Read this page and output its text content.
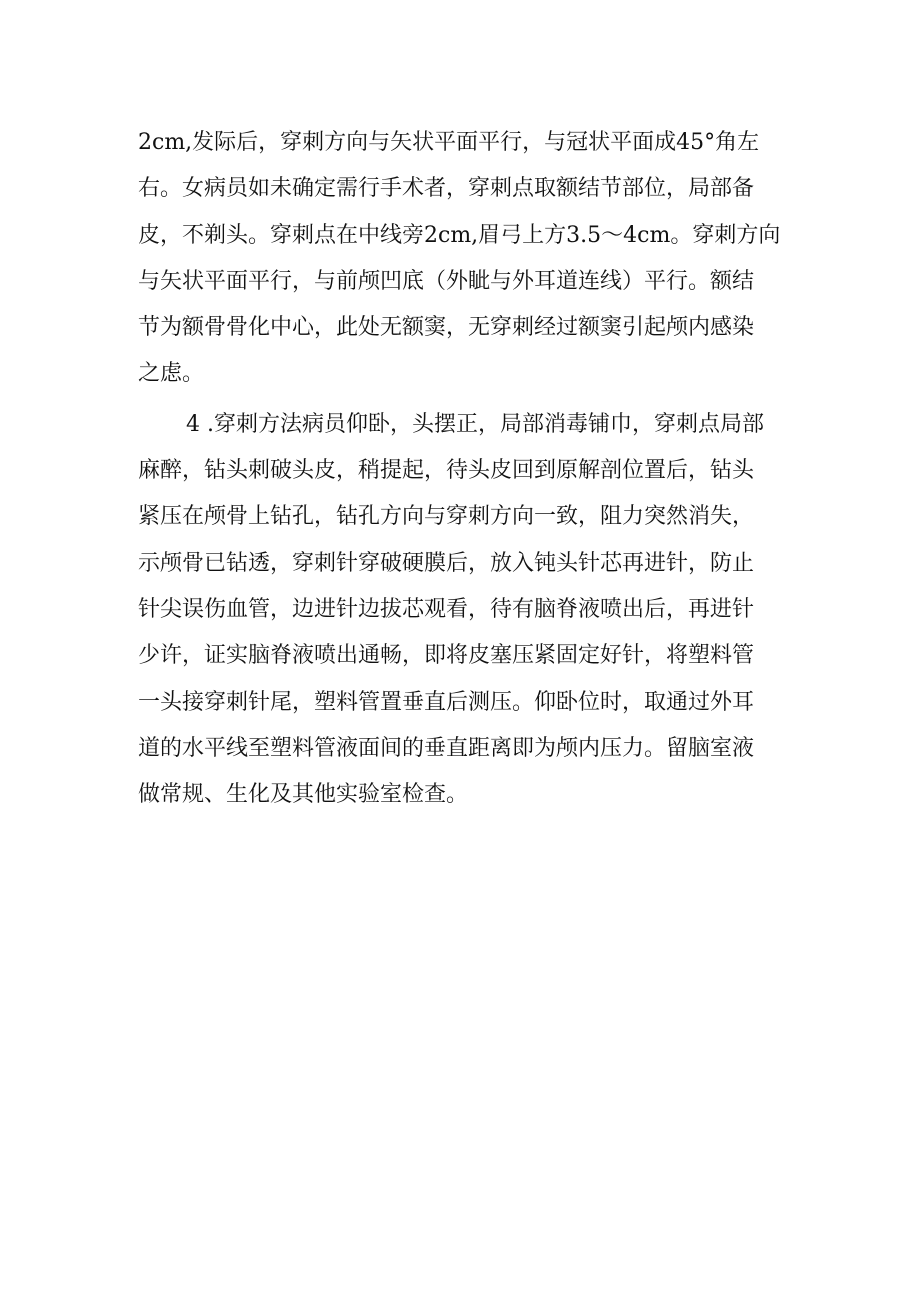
2cm,发际后，穿刺方向与矢状平面平行，与冠状平面成45°角左
右。女病员如未确定需行手术者，穿刺点取额结节部位，局部备
皮，不剃头。穿刺点在中线旁2cm,眉弓上方3.5～4cm。穿刺方向
与矢状平面平行，与前颅凹底（外眦与外耳道连线）平行。额结
节为额骨骨化中心，此处无额窦，无穿刺经过额窦引起颅内感染
之虑。
4 .穿刺方法病员仰卧，头摆正，局部消毒铺巾，穿刺点局部
麻醉，钻头刺破头皮，稍提起，待头皮回到原解剖位置后，钻头
紧压在颅骨上钻孔，钻孔方向与穿刺方向一致，阻力突然消失，
示颅骨已钻透，穿刺针穿破硬膜后，放入钝头针芯再进针，防止
针尖误伤血管，边进针边拔芯观看，待有脑脊液喷出后，再进针
少许，证实脑脊液喷出通畅，即将皮塞压紧固定好针，将塑料管
一头接穿刺针尾，塑料管置垂直后测压。仰卧位时，取通过外耳
道的水平线至塑料管液面间的垂直距离即为颅内压力。留脑室液
做常规、生化及其他实验室检查。
